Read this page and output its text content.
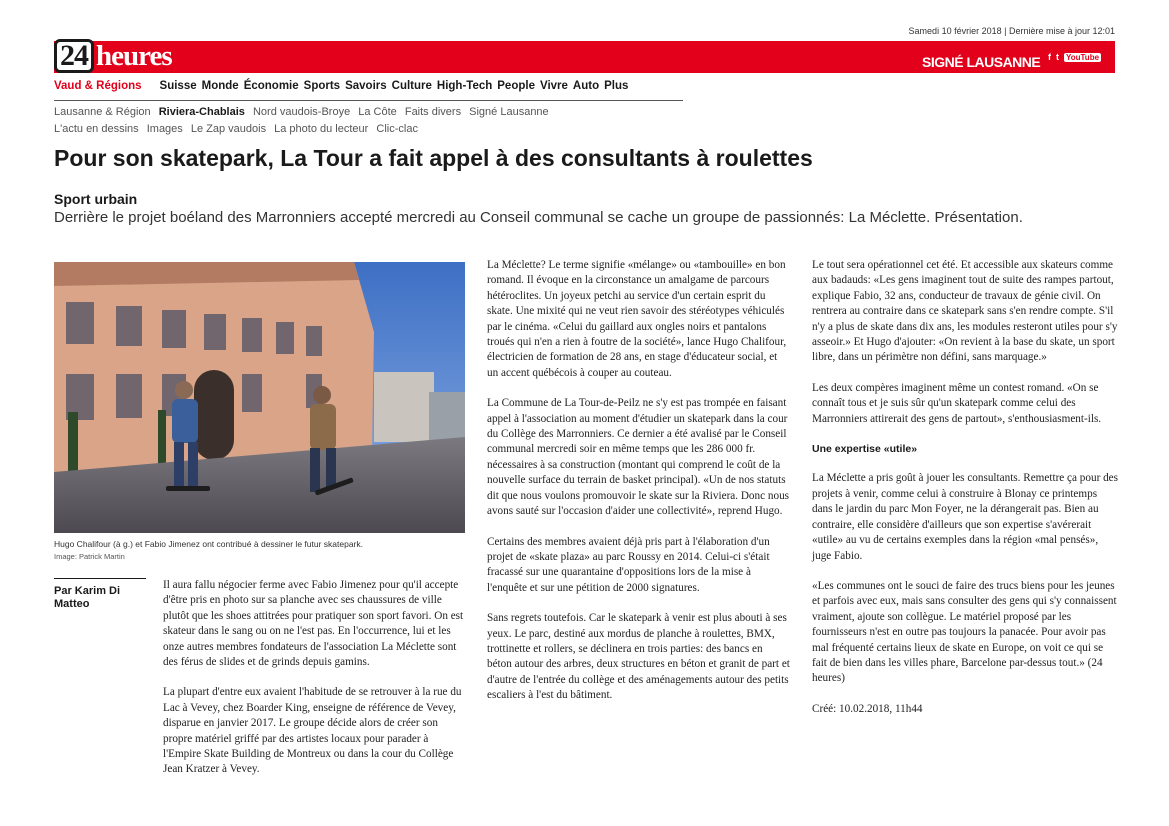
Samedi 10 février 2018 | Dernière mise à jour 12:01
24 heures	SIGNÉ LAUSANNE f t YouTube
Vaud & Régions Suisse Monde Économie Sports Savoirs Culture High-Tech People Vivre Auto Plus
Lausanne & Région Riviera-Chablais Nord vaudois-Broye La Côte Faits divers Signé Lausanne
L'actu en dessins Images Le Zap vaudois La photo du lecteur Clic-clac
Pour son skatepark, La Tour a fait appel à des consultants à roulettes
Sport urbain
Derrière le projet boéland des Marronniers accepté mercredi au Conseil communal se cache un groupe de passionnés: La Méclette. Présentation.
Hugo Chalifour (à g.) et Fabio Jimenez ont contribué à dessiner le futur skatepark.
Image: Patrick Martin
Par Karim Di Matteo

Il aura fallu négocier ferme avec Fabio Jimenez pour qu'il accepte d'être pris en photo sur sa planche avec ses chaussures de ville plutôt que les shoes attitrées pour pratiquer son sport favori. On est skateur dans le sang ou on ne l'est pas. En l'occurrence, lui et les onze autres membres fondateurs de l'association La Méclette sont des férus de slides et de grinds depuis gamins.

La plupart d'entre eux avaient l'habitude de se retrouver à la rue du Lac à Vevey, chez Boarder King, enseigne de référence de Vevey, disparue en janvier 2017. Le groupe décide alors de créer son propre matériel griffé par des artistes locaux pour parader à l'Empire Skate Building de Montreux ou dans la cour du Collège Jean Kratzer à Vevey.

La Méclette? Le terme signifie «mélange» ou «tambouille» en bon romand. Il évoque en la circonstance un amalgame de parcours hétéroclites. Un joyeux petchi au service d'un certain esprit du skate. Une mixité qui ne veut rien savoir des stéréotypes véhiculés par le cinéma. «Celui du gaillard aux ongles noirs et pantalons troués qui n'en a rien à foutre de la société», lance Hugo Chalifour, électricien de formation de 28 ans, en stage d'éducateur social, et un accent québécois à couper au couteau.

La Commune de La Tour-de-Peilz ne s'y est pas trompée en faisant appel à l'association au moment d'étudier un skatepark dans la cour du Collège des Marronniers. Ce dernier a été avalisé par le Conseil communal mercredi soir en même temps que les 286 000 fr. nécessaires à sa construction (montant qui comprend le coût de la nouvelle surface du terrain de basket principal). «Un de nos statuts dit que nous voulons promouvoir le skate sur la Riviera. Donc nous avons sauté sur l'occasion d'aider une collectivité», reprend Hugo.

Certains des membres avaient déjà pris part à l'élaboration d'un projet de «skate plaza» au parc Roussy en 2014. Celui-ci s'était fracassé sur une quarantaine d'oppositions lors de la mise à l'enquête et sur une pétition de 2000 signatures.

Sans regrets toutefois. Car le skatepark à venir est plus abouti à ses yeux. Le parc, destiné aux mordus de planche à roulettes, BMX, trottinette et rollers, se déclinera en trois parties: des bancs en béton autour des arbres, deux structures en béton et granit de part et d'autre de l'entrée du collège et des aménagements autour des petits escaliers à l'est du bâtiment.

Le tout sera opérationnel cet été. Et accessible aux skateurs comme aux badauds: «Les gens imaginent tout de suite des rampes partout, explique Fabio, 32 ans, conducteur de travaux de génie civil. On rentrera au contraire dans ce skatepark sans s'en rendre compte. S'il n'y a plus de skate dans dix ans, les modules resteront utiles pour s'y asseoir.» Et Hugo d'ajouter: «On revient à la base du skate, un sport libre, dans un périmètre non défini, sans marquage.»

Les deux compères imaginent même un contest romand. «On se connaît tous et je suis sûr qu'un skatepark comme celui des Marronniers attirerait des gens de partout», s'enthousiasment-ils.

Une expertise «utile»

La Méclette a pris goût à jouer les consultants. Remettre ça pour des projets à venir, comme celui à construire à Blonay ce printemps dans le jardin du parc Mon Foyer, ne la dérangerait pas. Bien au contraire, elle considère d'ailleurs que son expertise s'avérerait «utile» au vu de certains exemples dans la région «mal pensés», juge Fabio.

«Les communes ont le souci de faire des trucs biens pour les jeunes et parfois avec eux, mais sans consulter des gens qui s'y connaissent vraiment, ajoute son collègue. Le matériel proposé par les fournisseurs n'est en outre pas toujours la panacée. Pour avoir pas mal fréquenté certains lieux de skate en Europe, on voit ce qui se fait de bien dans les villes phare, Barcelone par-dessus tout.» (24 heures)

Créé: 10.02.2018, 11h44
